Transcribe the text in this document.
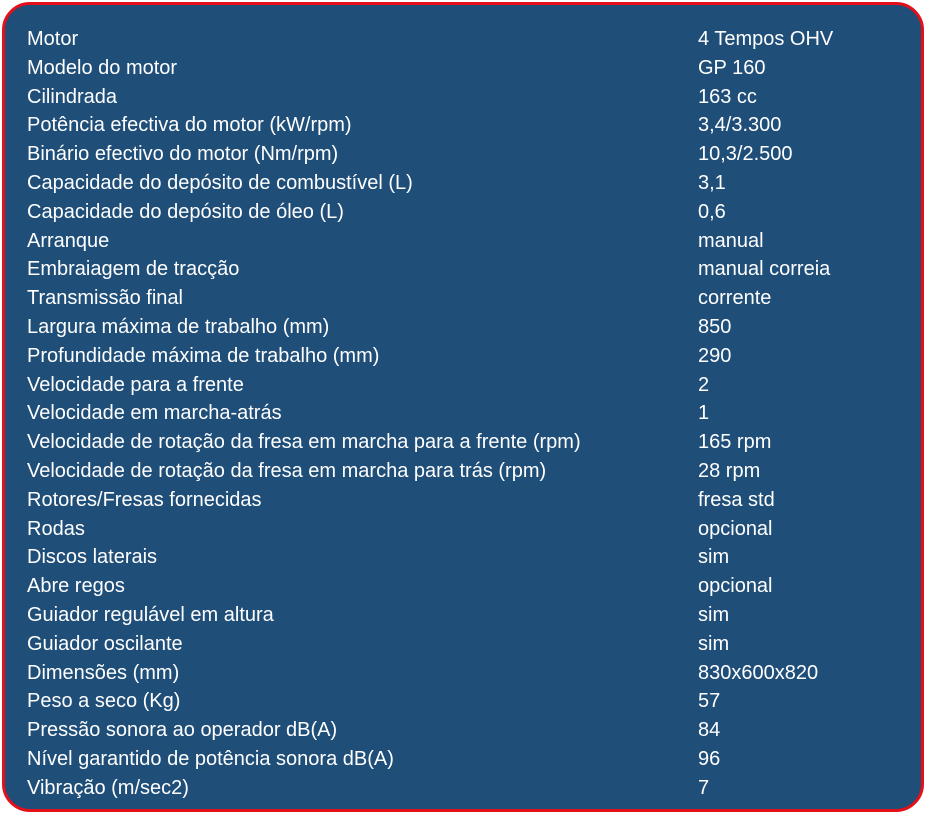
Motor	4 Tempos OHV
Modelo do motor	GP 160
Cilindrada	163 cc
Potência efectiva do motor (kW/rpm)	3,4/3.300
Binário efectivo do motor (Nm/rpm)	10,3/2.500
Capacidade do depósito de combustível (L)	3,1
Capacidade do depósito de óleo (L)	0,6
Arranque	manual
Embraiagem de tracção	manual correia
Transmissão final	corrente
Largura máxima de trabalho (mm)	850
Profundidade máxima de trabalho (mm)	290
Velocidade para a frente	2
Velocidade em marcha-atrás	1
Velocidade de rotação da fresa em marcha para a frente (rpm)	165 rpm
Velocidade de rotação da fresa em marcha para trás (rpm)	28 rpm
Rotores/Fresas fornecidas	fresa std
Rodas	opcional
Discos laterais	sim
Abre regos	opcional
Guiador regulável em altura	sim
Guiador oscilante	sim
Dimensões (mm)	830x600x820
Peso a seco (Kg)	57
Pressão sonora ao operador dB(A)	84
Nível garantido de potência sonora dB(A)	96
Vibração (m/sec2)	7
